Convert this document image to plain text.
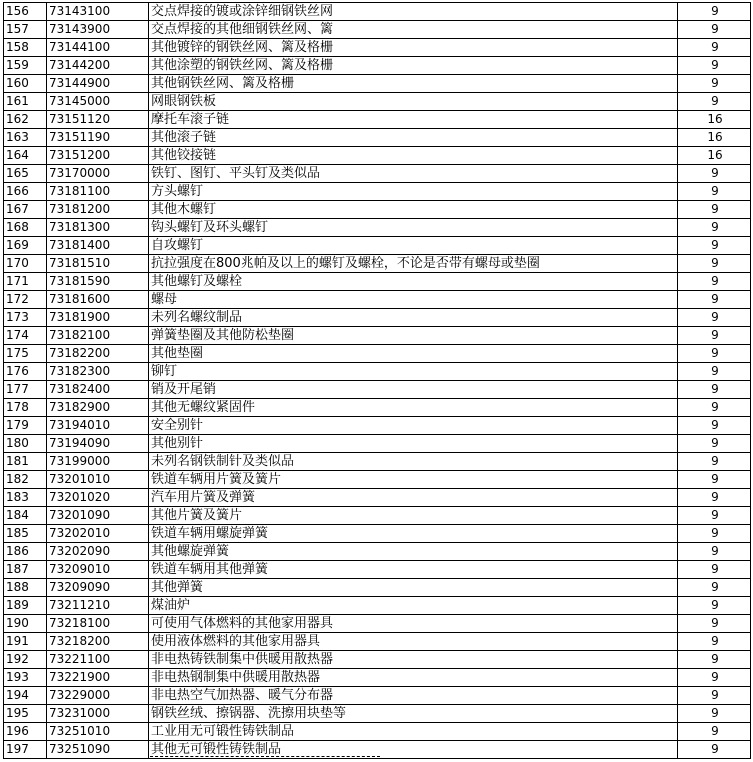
156	73143100	交点焊接的镀或涂锌细钢铁丝网	9
157	73143900	交点焊接的其他细钢铁丝网、篱	9
158	73144100	其他镀锌的钢铁丝网、篱及格栅	9
159	73144200	其他涂塑的钢铁丝网、篱及格栅	9
160	73144900	其他钢铁丝网、篱及格栅	9
161	73145000	网眼钢铁板	9
162	73151120	摩托车滚子链	16
163	73151190	其他滚子链	16
164	73151200	其他铰接链	16
165	73170000	铁钉、图钉、平头钉及类似品	9
166	73181100	方头螺钉	9
167	73181200	其他木螺钉	9
168	73181300	钩头螺钉及环头螺钉	9
169	73181400	自攻螺钉	9
170	73181510	抗拉强度在800兆帕及以上的螺钉及螺栓，不论是否带有螺母或垫圈	9
171	73181590	其他螺钉及螺栓	9
172	73181600	螺母	9
173	73181900	未列名螺纹制品	9
174	73182100	弹簧垫圈及其他防松垫圈	9
175	73182200	其他垫圈	9
176	73182300	铆钉	9
177	73182400	销及开尾销	9
178	73182900	其他无螺纹紧固件	9
179	73194010	安全别针	9
180	73194090	其他别针	9
181	73199000	未列名钢铁制针及类似品	9
182	73201010	铁道车辆用片簧及簧片	9
183	73201020	汽车用片簧及弹簧	9
184	73201090	其他片簧及簧片	9
185	73202010	铁道车辆用螺旋弹簧	9
186	73202090	其他螺旋弹簧	9
187	73209010	铁道车辆用其他弹簧	9
188	73209090	其他弹簧	9
189	73211210	煤油炉	9
190	73218100	可使用气体燃料的其他家用器具	9
191	73218200	使用液体燃料的其他家用器具	9
192	73221100	非电热铸铁制集中供暖用散热器	9
193	73221900	非电热钢制集中供暖用散热器	9
194	73229000	非电热空气加热器、暖气分布器	9
195	73231000	钢铁丝绒、擦锅器、洗擦用块垫等	9
196	73251010	工业用无可锻性铸铁制品	9
197	73251090	其他无可锻性铸铁制品	9
